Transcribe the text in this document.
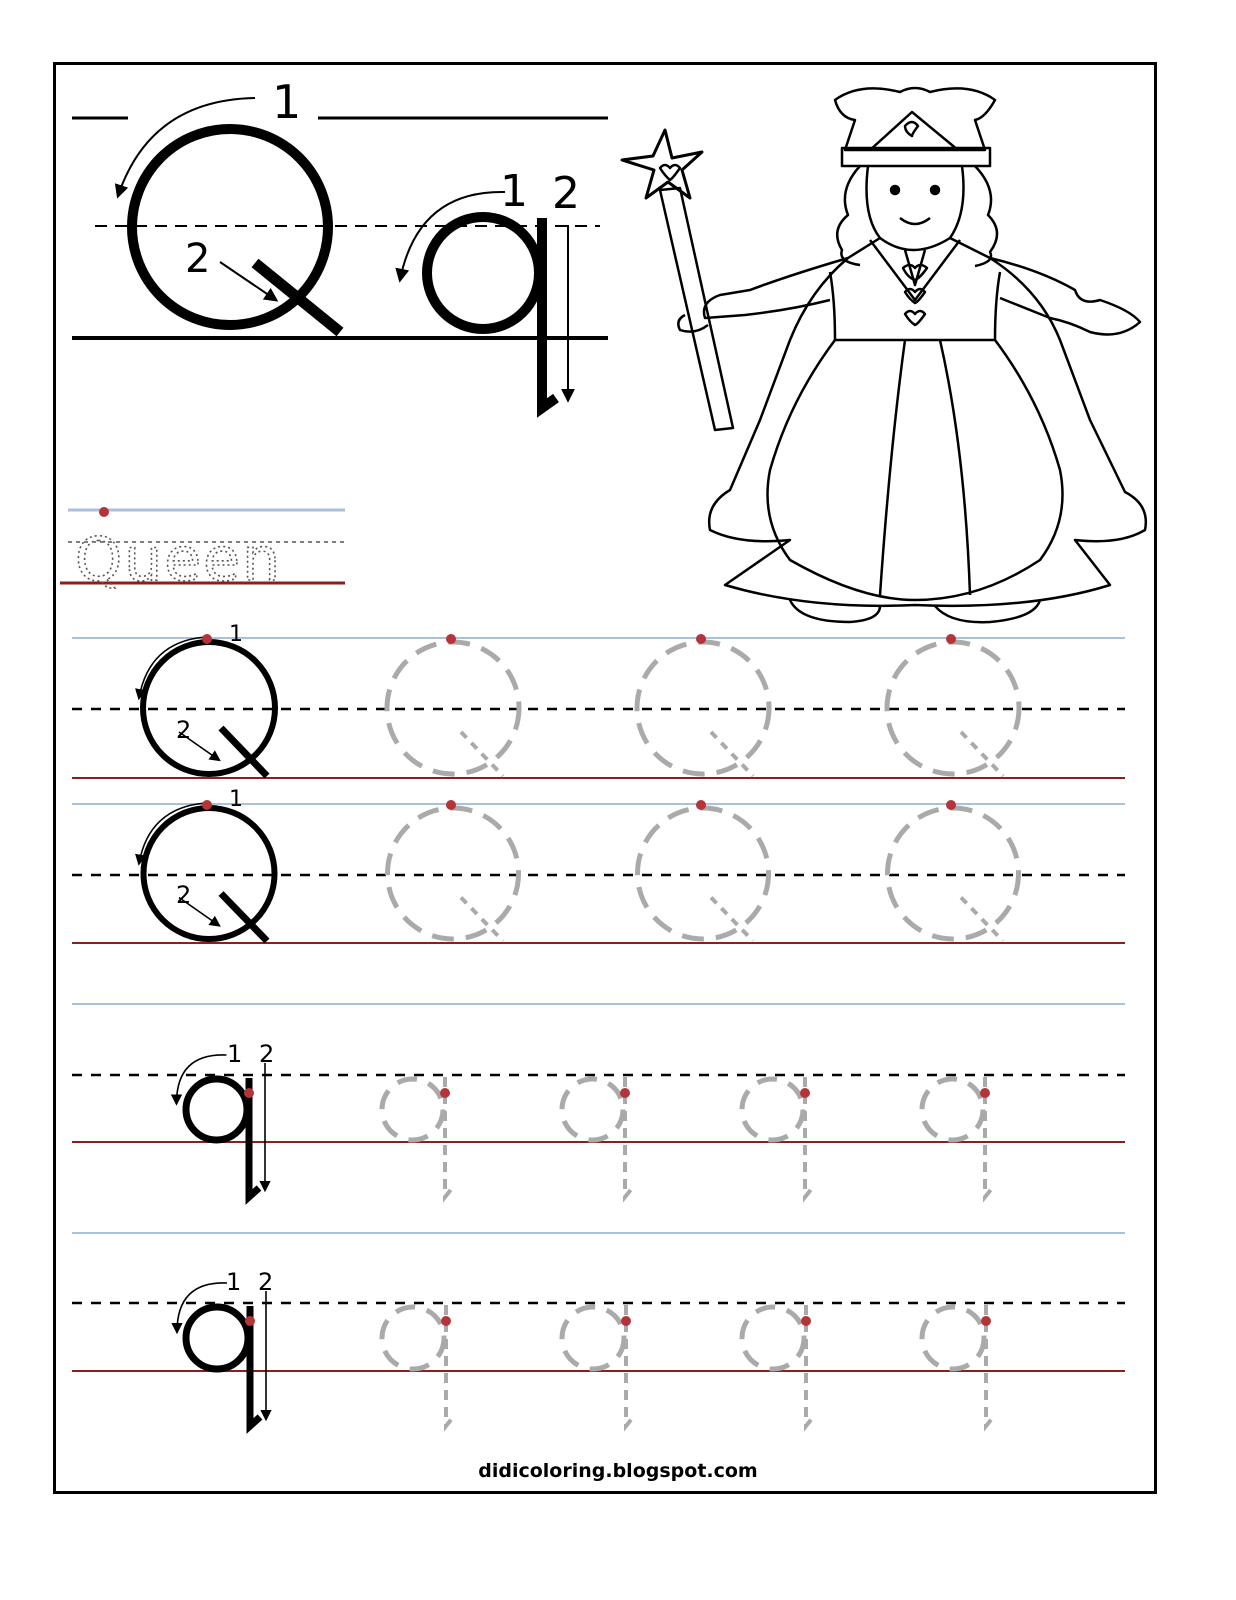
1
2
1 2
Queen
1
2
1
2
1 2
1 2
didicoloring.blogspot.com
